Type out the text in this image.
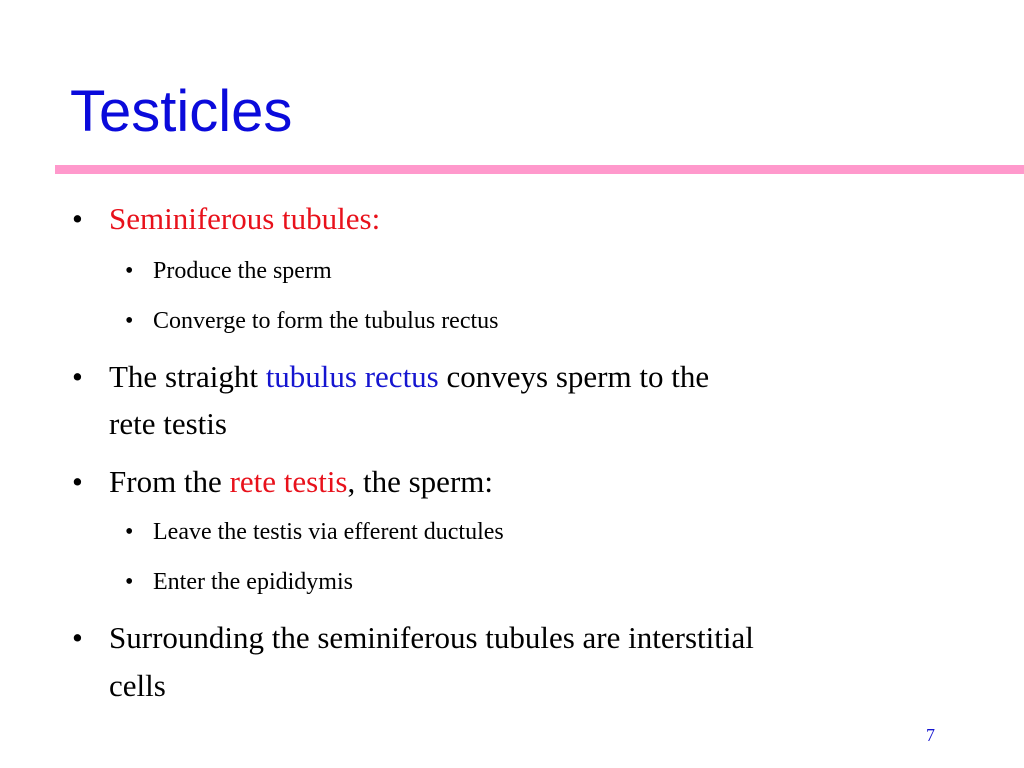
Testicles

• Seminiferous tubules:

• Produce the sperm

• Converge to form the tubulus rectus

• The straight tubulus rectus conveys sperm to the

rete testis

• From the rete testis, the sperm:

• Leave the testis via efferent ductules

• Enter the epididymis

• Surrounding the seminiferous tubules are interstitial

cells

7
